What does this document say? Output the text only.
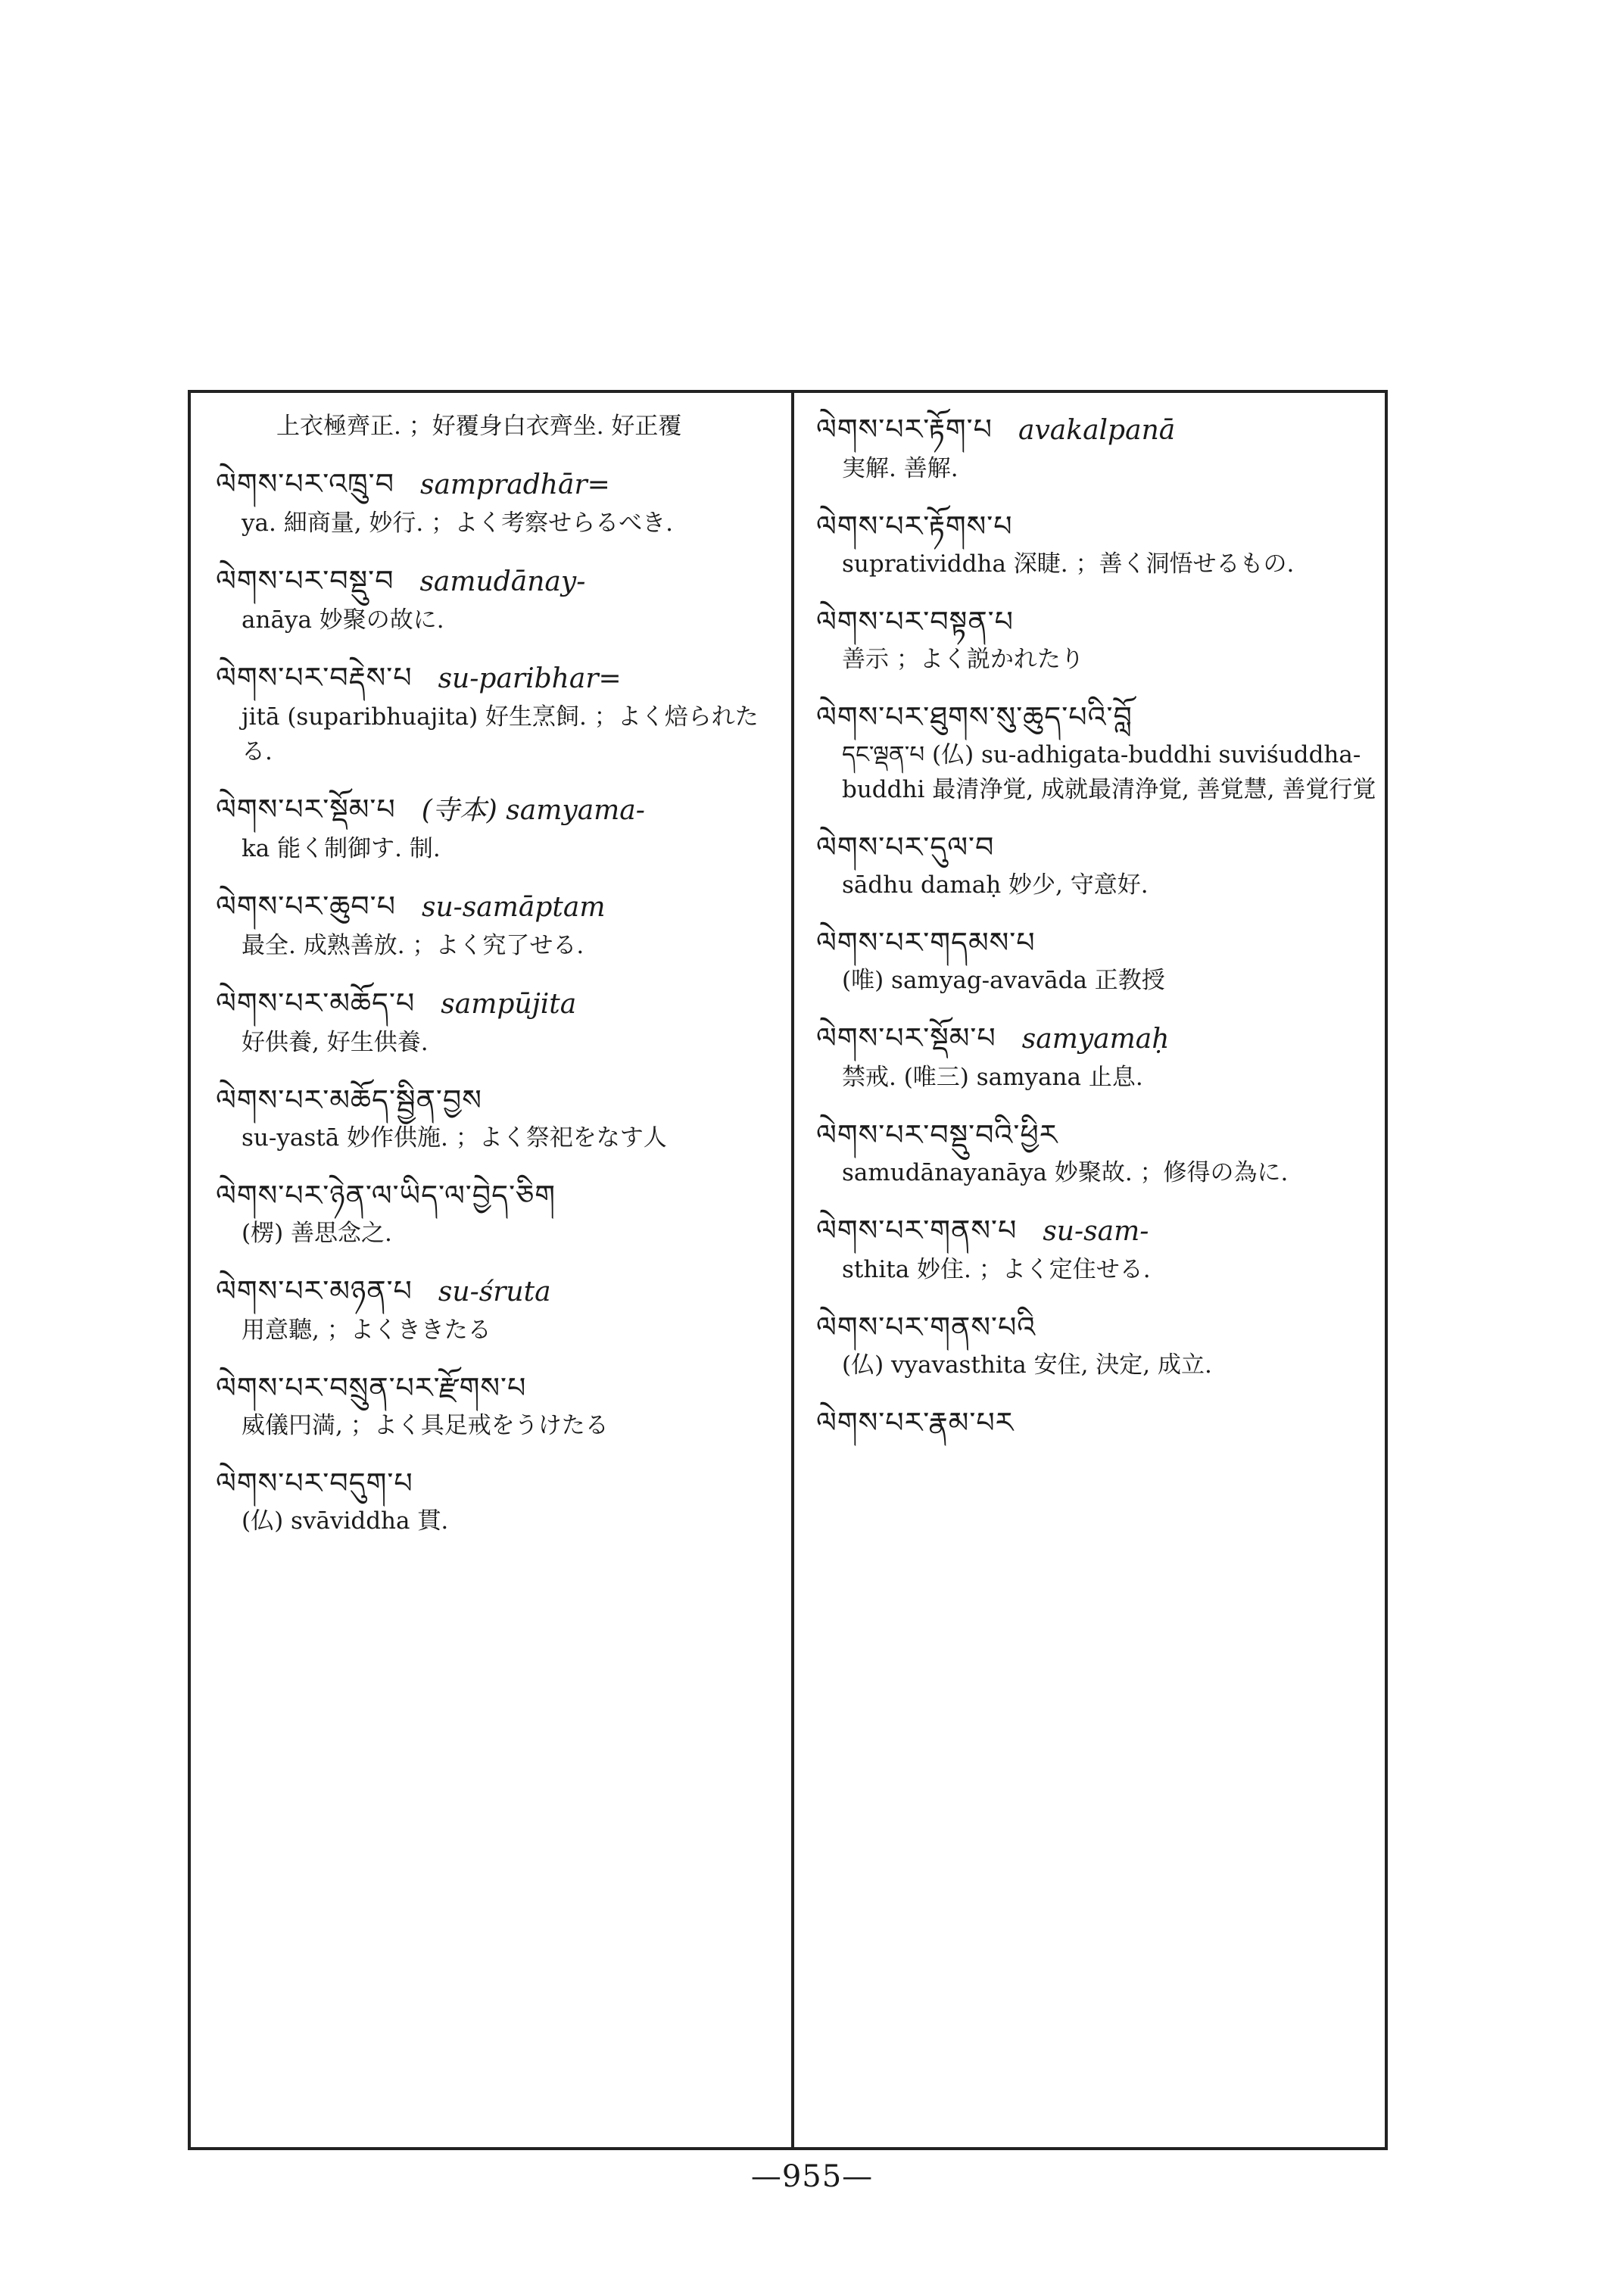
上衣極齊正. ；好覆身白衣齊坐. 好正覆
ལེགས་པར་འཁྲུ་བ sampradhār=
ya. 細商量, 妙行. ；よく考察せらるべき.
ལེགས་པར་བསྡུ་བ samudānay-
anāya 妙聚の故に.
ལེགས་པར་བརྡེས་པ su-paribhar=
jitā (suparibhuajita) 好生烹飼. ；よく焙られたる.
ལེགས་པར་སྡོམ་པ (寺本) samyama-
ka 能く制御す. 制.
ལེགས་པར་ཆུབ་པ su-samāptam
最全. 成熟善放. ；よく究了せる.
ལེགས་པར་མཆོད་པ sampūjita
好供養, 好生供養.
ལེགས་པར་མཆོད་སྦྱིན་བྱས
su-yastā 妙作供施. ；よく祭祀をなす人
ལེགས་པར་ཉེན་ལ་ཡིད་ལ་བྱེད་ཅིག
(楞) 善思念之.
ལེགས་པར་མཉན་པ su-śruta
用意聽, ；よくききたる
ལེགས་པར་བསྲུན་པར་རྫོགས་པ
威儀円満, ；よく具足戒をうけたる
ལེགས་པར་བདུག་པ
(仏) svāviddha 貫.
ལེགས་པར་རྟོག་པ avakalpanā
実解. 善解.
ལེགས་པར་རྟོགས་པ
supratividdha 深睫. ；善く洞悟せるもの.
ལེགས་པར་བསྟན་པ
善示 ；よく説かれたり
ལེགས་པར་ཐུགས་སུ་ཆུད་པའི་བློ
དང་ལྡན་པ (仏) su-adhigata-buddhi suviśuddha-buddhi 最清浄覚, 成就最清浄覚, 善覚慧, 善覚行覚
ལེགས་པར་དུལ་བ
sādhu damaḥ 妙少, 守意好.
ལེགས་པར་གདམས་པ
(唯) samyag-avavāda 正教授
ལེགས་པར་སྡོམ་པ samyamaḥ
禁戒. (唯三) samyana 止息.
ལེགས་པར་བསྡུ་བའི་ཕྱིར
samudānayanāya 妙聚故. ；修得の為に.
ལེགས་པར་གནས་པ su-sam-
sthita 妙住. ；よく定住せる.
ལེགས་པར་གནས་པའི
(仏) vyavasthita 安住, 決定, 成立.
ལེགས་པར་རྣམ་པར
—955—
